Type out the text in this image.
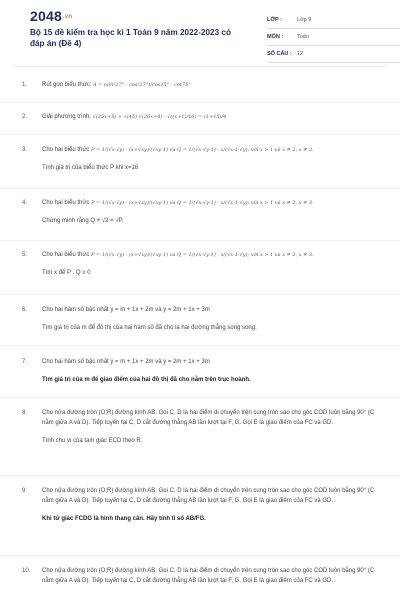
2048.vn
Bộ 15 đề kiểm tra học kì 1 Toán 9 năm 2022-2023 có đáp án (Đề 4)
LỚP :	Lớp 9
MÔN :	Toán
SỐ CÂU : 12
1.	Rút gọn biểu thức: A = (sin²27° - cos²27°)/cos15° - cot75°
2.	Giải phương trình: √(25x+5) + √(45) √(20x+4) - √((x+1)/16) = (1+√5)/4
3.	Cho hai biểu thức P = 1/(√x-√y) - (x+√xy)/(√xy-1) và Q = 1/(√x-√y-1) - x/(√x-1-√y); với x > 1 và x ≠ 2, x ≠ 3.
Tính giá trị của biểu thức P khi x=16
4.	Cho hai biểu thức P = 1/(√x-√y) - (x+√xy)/(√xy-1) và Q = 1/(√x-√y-1) - x/(√x-1-√y); với x > 1 và x ≠ 2, x ≠ 3.
Chứng minh rằng Q + √2 = √P.
5.	Cho hai biểu thức P = 1/(√x-√y) - (x+√xy)/(√xy-1) và Q = 1/(√x-√y-1) - x/(√x-1-√y); với x > 1 và x ≠ 2, x ≠ 3.
Tìm x để P . Q ≥ 0
6.	Cho hai hàm số bậc nhất y = m + 1x + 2m và y = 2m + 1x + 3m
Tìm giá trị của m để đồ thị của hai hàm số đã cho là hai đường thẳng song song.
7.	Cho hai hàm số bậc nhất y = m + 1x + 2m và y = 2m + 1x + 3m
Tìm giá trị của m để giao điểm của hai đồ thị đã cho nằm trên trục hoành.
8.	Cho nửa đường tròn (O;R) đường kính AB. Gọi C, D là hai điểm di chuyển trên cung tròn sao cho góc COD luôn bằng 90° (C nằm giữa A và D). Tiếp tuyến tại C, D cắt đường thẳng AB lần lượt tại F, G. Gọi E là giao điểm của FC và GD.
Tính chu vi của tam giác ECD theo R.
9.	Cho nửa đường tròn (O;R) đường kính AB. Gọi C, D là hai điểm di chuyển trên cung tròn sao cho góc COD luôn bằng 90° (C nằm giữa A và D). Tiếp tuyến tại C, D cắt đường thẳng AB lần lượt tại F, G. Gọi E là giao điểm của FC và GD.
Khi tứ giác FCDG là hình thang cân. Hãy tính tỉ số AB/FG.
10.	Cho nửa đường tròn (O;R) đường kính AB. Gọi C, D là hai điểm di chuyển trên cung tròn sao cho góc COD luôn bằng 90° (C nằm giữa A và D). Tiếp tuyến tại C, D cắt đường thẳng AB lần lượt tại F, G. Gọi E là giao điểm của FC và GD.
